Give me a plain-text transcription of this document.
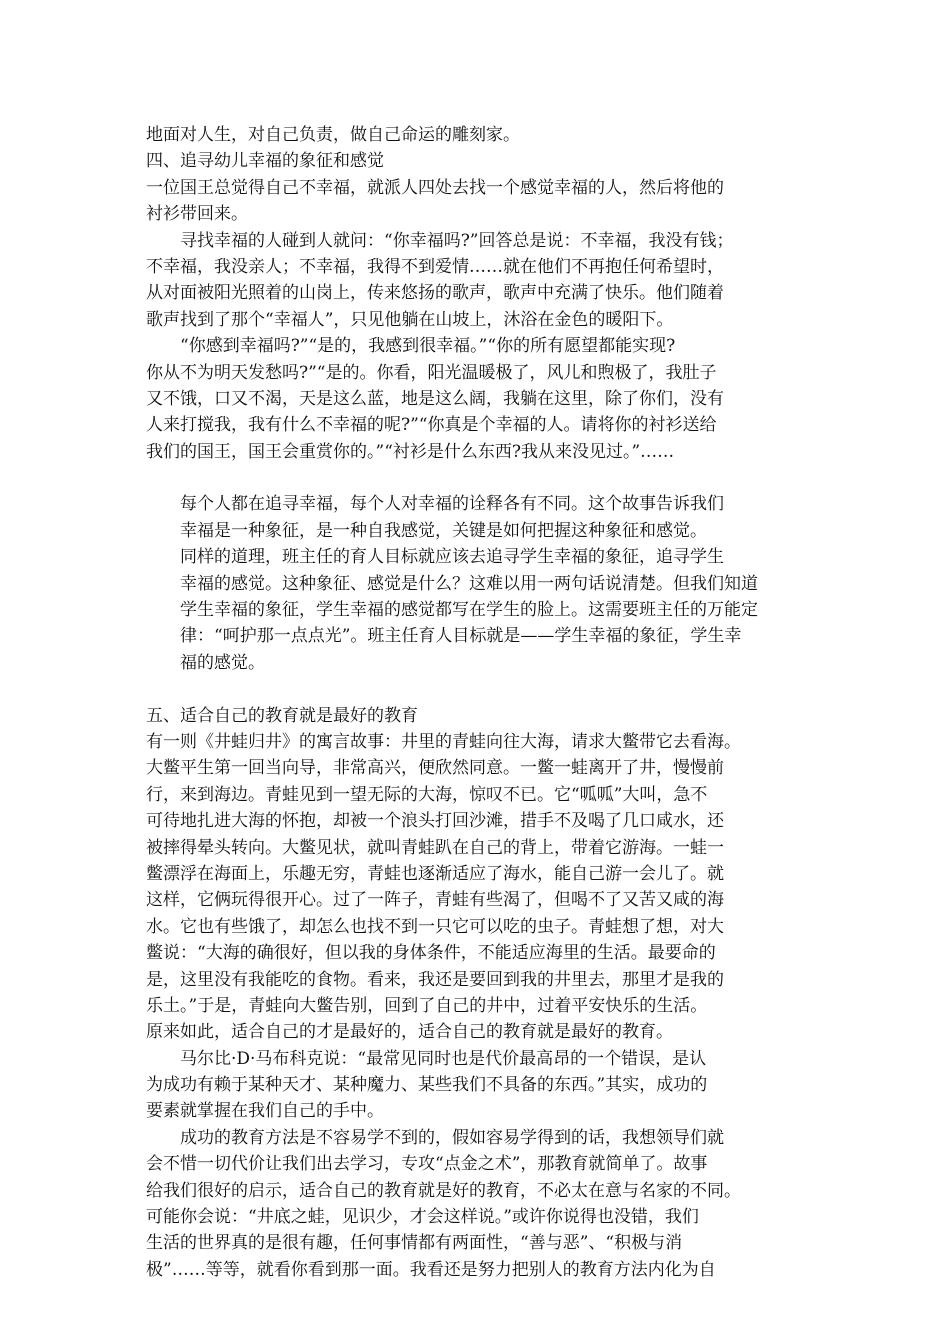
地面对人生，对自己负责，做自己命运的雕刻家。
四、追寻幼儿幸福的象征和感觉
一位国王总觉得自己不幸福，就派人四处去找一个感觉幸福的人，然后将他的
衬衫带回来。
　　寻找幸福的人碰到人就问：“你幸福吗?”回答总是说：不幸福，我没有钱；
不幸福，我没亲人；不幸福，我得不到爱情……就在他们不再抱任何希望时，
从对面被阳光照着的山岗上，传来悠扬的歌声，歌声中充满了快乐。他们随着
歌声找到了那个“幸福人”，只见他躺在山坡上，沐浴在金色的暖阳下。
　　“你感到幸福吗?”“是的，我感到很幸福。”“你的所有愿望都能实现?
你从不为明天发愁吗?”“是的。你看，阳光温暖极了，风儿和煦极了，我肚子
又不饿，口又不渴，天是这么蓝，地是这么阔，我躺在这里，除了你们，没有
人来打搅我，我有什么不幸福的呢?”“你真是个幸福的人。请将你的衬衫送给
我们的国王，国王会重赏你的。”“衬衫是什么东西?我从来没见过。”……
　　每个人都在追寻幸福，每个人对幸福的诠释各有不同。这个故事告诉我们
　　幸福是一种象征，是一种自我感觉，关键是如何把握这种象征和感觉。
　　同样的道理，班主任的育人目标就应该去追寻学生幸福的象征，追寻学生
　　幸福的感觉。这种象征、感觉是什么？这难以用一两句话说清楚。但我们知道
　　学生幸福的象征，学生幸福的感觉都写在学生的脸上。这需要班主任的万能定
　　律：“呵护那一点点光”。班主任育人目标就是——学生幸福的象征，学生幸
　　福的感觉。
五、适合自己的教育就是最好的教育
有一则《井蛙归井》的寓言故事：井里的青蛙向往大海，请求大鳖带它去看海。
大鳖平生第一回当向导，非常高兴，便欣然同意。一鳖一蛙离开了井，慢慢前
行，来到海边。青蛙见到一望无际的大海，惊叹不已。它“呱呱”大叫，急不
可待地扎进大海的怀抱，却被一个浪头打回沙滩，措手不及喝了几口咸水，还
被摔得晕头转向。大鳖见状，就叫青蛙趴在自己的背上，带着它游海。一蛙一
鳖漂浮在海面上，乐趣无穷，青蛙也逐渐适应了海水，能自己游一会儿了。就
这样，它俩玩得很开心。过了一阵子，青蛙有些渴了，但喝不了又苦又咸的海
水。它也有些饿了，却怎么也找不到一只它可以吃的虫子。青蛙想了想，对大
鳖说：“大海的确很好，但以我的身体条件，不能适应海里的生活。最要命的
是，这里没有我能吃的食物。看来，我还是要回到我的井里去，那里才是我的
乐土。”于是，青蛙向大鳖告别，回到了自己的井中，过着平安快乐的生活。
原来如此，适合自己的才是最好的，适合自己的教育就是最好的教育。
　　马尔比·D·马布科克说：“最常见同时也是代价最高昂的一个错误，是认
为成功有赖于某种天才、某种魔力、某些我们不具备的东西。”其实，成功的
要素就掌握在我们自己的手中。
　　成功的教育方法是不容易学不到的，假如容易学得到的话，我想领导们就
会不惜一切代价让我们出去学习，专攻“点金之术”，那教育就简单了。故事
给我们很好的启示，适合自己的教育就是好的教育，不必太在意与名家的不同。
可能你会说：“井底之蛙，见识少，才会这样说。”或许你说得也没错，我们
生活的世界真的是很有趣，任何事情都有两面性，“善与恶”、“积极与消
极”……等等，就看你看到那一面。我看还是努力把别人的教育方法内化为自
